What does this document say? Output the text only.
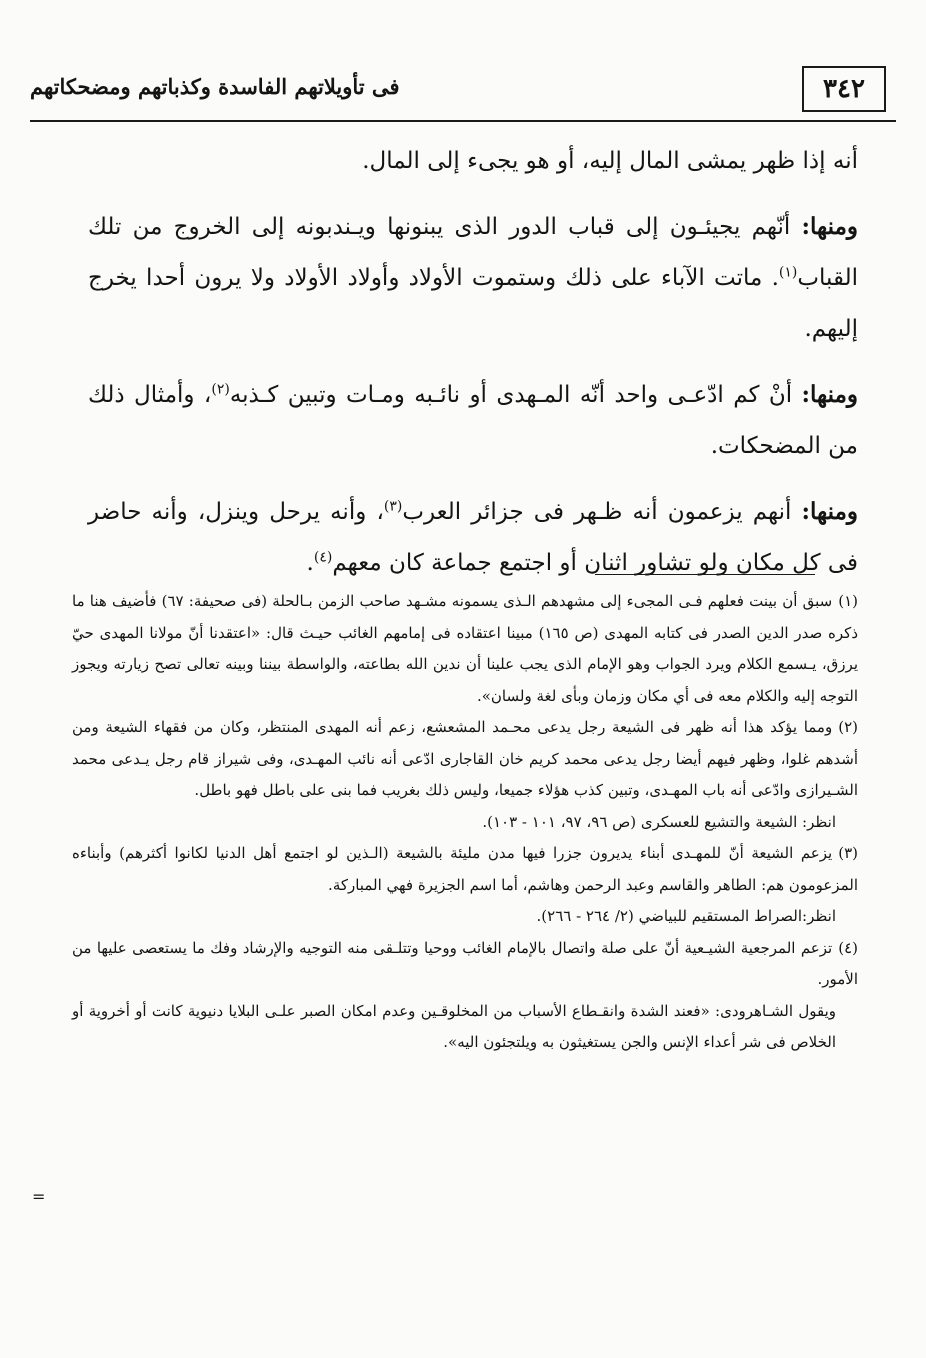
٣٤٢
فى تأويلاتهم الفاسدة وكذباتهم ومضحكاتهم

أنه إذا ظهر يمشى المال إليه، أو هو يجىء إلى المال.

ومنها: أنّهم يجيئـون إلى قباب الدور الذى يبنونها ويـندبونه إلى الخروج من تلك القباب$^{(١)}$. ماتت الآباء على ذلك وستموت الأولاد وأولاد الأولاد ولا يرون أحدا يخرج إليهم.

ومنها: أنْ كم ادّعـى واحد أنّه المـهدى أو نائـبه ومـات وتبين كـذبه$^{(٢)}$، وأمثال ذلك من المضحكات.

ومنها: أنهم يزعمون أنه ظـهر فى جزائر العرب$^{(٣)}$، وأنه يرحل وينزل، وأنه حاضر فى كل مكان ولو تشاور اثنان أو اجتمع جماعة كان معهم$^{(٤)}$.

(١)سبق أن بينت فعلهم فـى المجىء إلى مشهدهم الـذى يسمونه مشـهد صاحب الزمن بـالحلة (فى صحيفة: ٦٧) فأضيف هنا ما ذكره صدر الدين الصدر فى كتابه المهدى (ص ١٦٥) مبينا اعتقاده فى إمامهم الغائب حيـث قال: «اعتقدنا أنّ مولانا المهدى حيّ يرزق، يـسمع الكلام ويرد الجواب وهو الإمام الذى يجب علينا أن ندين الله بطاعته، والواسطة بيننا وبينه تعالى تصح زيارته ويجوز التوجه إليه والكلام معه فى أي مكان وزمان وبأى لغة ولسان».

(٢)ومما يؤكد هذا أنه ظهر فى الشيعة رجل يدعى محـمد المشعشع، زعم أنه المهدى المنتظر، وكان من فقهاء الشيعة ومن أشدهم غلوا، وظهر فيهم أيضا رجل يدعى محمد كريم خان القاجارى ادّعى أنه نائب المهـدى، وفى شيراز قام رجل يـدعى محمد الشـيرازى وادّعى أنه باب المهـدى، وتبين كذب هؤلاء جميعا، وليس ذلك بغريب فما بنى على باطل فهو باطل.

انظر: الشيعة والتشيع للعسكرى (ص ٩٦، ٩٧، ١٠١ - ١٠٣).

(٣)يزعم الشيعة أنّ للمهـدى أبناء يديرون جزرا فيها مدن مليئة بالشيعة (الـذين لو اجتمع أهل الدنيا لكانوا أكثرهم) وأبناءه المزعومون هم: الطاهر والقاسم وعبد الرحمن وهاشم، أما اسم الجزيرة فهي المباركة.

انظر:الصراط المستقيم للبياضي (٢/ ٢٦٤ - ٢٦٦).

(٤)تزعم المرجعية الشيـعية أنّ على صلة واتصال بالإمام الغائب ووحيا وتتلـقى منه التوجيه والإرشاد وفك ما يستعصى عليها من الأمور.

ويقول الشـاهرودى: «فعند الشدة وانقـطاع الأسباب من المخلوقـين وعدم امكان الصبر علـى البلايا دنيوية كانت أو أخروية أو الخلاص فى شر أعداء الإنس والجن يستغيثون به ويلتجئون اليه».

=
